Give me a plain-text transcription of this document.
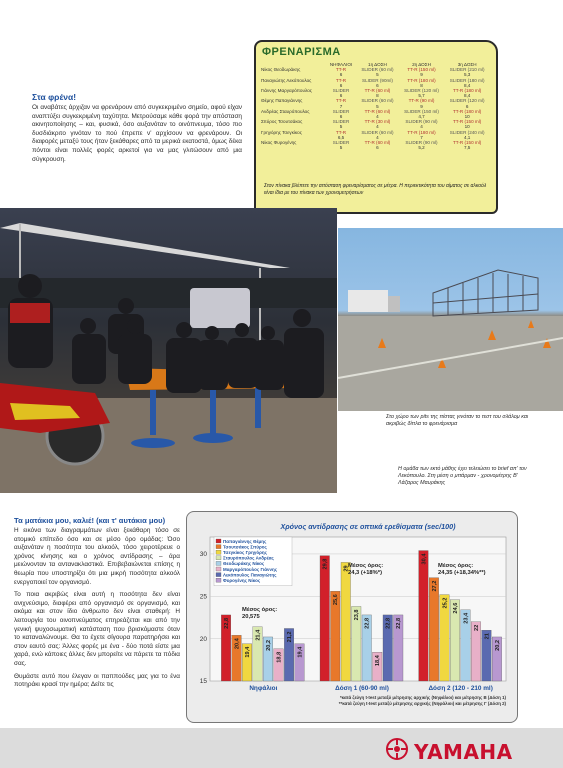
Στα φρένα!

Οι αναβάτες άρχιζαν να φρενάρουν από συγκεκριμένο σημείο, αφού είχαν αναπτύξει συγκεκριμένη ταχύτητα. Μετρούσαμε κάθε φορά την απόσταση ακινητοποίησης – και, φυσικά, όσο αυξανόταν το οινόπνευμα, τόσο πιο δυσδιάκριτο γινόταν το πού έπρεπε ν' αρχίσουν να φρενάρουν. Οι διαφορές μεταξύ τους ήταν ξεκάθαρες από τα μερικά εκατοστά, όμως δέκα πόντοι είναι πολλές φορές αρκετοί για να μας γλιτώσουν από μια σύγκρουση.

ΦΡΕΝΑΡΙΣΜΑ
	ΝΗΦΑΛΙΟΙ	1η ΔΟΣΗ	2η ΔΟΣΗ	3η ΔΟΣΗ
Νίκος Θεοδωράκης	TT-R	SLIDER (60 ml)	TT-R (150 ml)	SLIDER (210 ml)
	6	5	9	5,3
Παναγιώτης Λεκόπουλος	TT-R	SLIDER (90ml)	TT-R (180 ml)	SLIDER (180 ml)
	6	6	8	8,4
Γιάννης Μαργαρόπουλος	SLIDER	TT-R (60 ml)	SLIDER (120 ml)	TT-R (180 ml)
	6	8	5,7	8,4
Θέμης Παπαγιάννης	TT-R	SLIDER (60 ml)	TT-R (90 ml)	SLIDER (120 ml)
	7	5	9	6
Ανδρέας Σταυρόπουλος	SLIDER	TT-R (60 ml)	SLIDER (150 ml)	TT-R (180 ml)
	6	4	4,7	10
Σπύρος Τσουτσάκος	SLIDER	TT-R (30 ml)	SLIDER (90 ml)	TT-R (150 ml)
	5	4	4	10
Γρηγόρης Τσεγκίκος	TT-R	SLIDER (60 ml)	TT-R (180 ml)	SLIDER (240 ml)
	6,5	4	7	4,1
Νίκος Φυρογένης	SLIDER	TT-R (60 ml)	SLIDER (90 ml)	TT-R (150 ml)
	5	6	5,2	7,5
Στον πίνακα βλέπετε την απόσταση φρεναρίσματος σε μέτρα. Η περιεκτικότητα του αίματος σε αλκοόλ είναι ίδια με του πίνακα των χρονομετρήσεων
Στο χώρο των pits της πίστας γινόταν το τεστ του σλάλομ και ακριβώς δίπλα το φρενάρισμα
Η ομάδα των εκτό μάθης έχει τελειώσει το brief απ' τον Λεκόπουλο. Στη μέση ο μπάρμαν - χρονομέτρης Β' Λάζαρος Μαυράκης
Τα ματάκια μου, καλιέ! (και τ' αυτάκια μου)

Η εικόνα των διαγραμμάτων είναι ξεκάθαρη τόσο σε ατομικό επίπεδο όσο και σε μέσο όρο ομάδας: Όσο αυξανόταν η ποσότητα του αλκοόλ, τόσο χειροτέρευε ο χρόνος κίνησης και ο χρόνος αντίδρασης – άρα μειώνονταν τα αντανακλαστικά. Επιβεβαιώνεται επίσης η θεωρία που υποστηρίζει ότι μια μικρή ποσότητα αλκοόλ ενεργοποιεί τον οργανισμό.

Το ποια ακριβώς είναι αυτή η ποσότητα δεν είναι ανιχνεύσιμο, διαφέρει από οργανισμό σε οργανισμό, και ακόμα και στον ίδιο άνθρωπο δεν είναι σταθερή: Η λειτουργία του οινοπνεύματος επηρεάζεται και από την γενική ψυχοσωματική κατάσταση που βρισκόμαστε όταν το καταναλώνουμε. Θα το έχετε σίγουρα παρατηρήσει και στον εαυτό σας: Άλλες φορές με ένα - δύο ποτά είστε μια χαρά, ενώ κάποιες άλλες δεν μπορείτε να πάρετε τα πόδια σας.

Θυμάστε αυτό που έλεγαν οι παππούδες μας για το ένα ποτηράκι κρασί την ημέρα; Δείτε τις

Χρόνος αντίδρασης σε οπτικά ερεθίσματα (sec/100)
15
20
25
30
22,8
20,4
19,4
21,4
20,2
18,8
21,2
19,4
Νηφάλιοι
29,8
25,6
29
23,8
22,8
18,4
22,8 22,8
Δόση 1 (60-90 ml)
30,4
27,2
25,2 24,6
23,4
22
21
20,2
Δόση 2 (120 - 210 ml)
Παπαγιάννης Θέμης
Τσουτσάκος Σπύρος
Τσεγκίκος Γρηγόρης
Σταυρόπουλος Ανδρέας
Θεοδωράκης Νίκος
Μαργαρόπουλος Γιάννης
Λεκόπουλος Παναγιώτης
Φυρογένης Νίκος
Μέσος όρος:
20,575
Μέσος όρος:
24,3 (+18%*)
Μέσος όρος:
24,35 (+18,34%**)
*κατά ζεύγη t-test μεταξύ μέτρησης αρχικής (Νηφάλιοι) και μέτρησης Β (Δόση 1)
**κατά ζεύγη t-test μεταξύ μέτρησης αρχικής (Νηφάλιοι) και μέτρησης Γ (Δόση 2)
YAMAHA
